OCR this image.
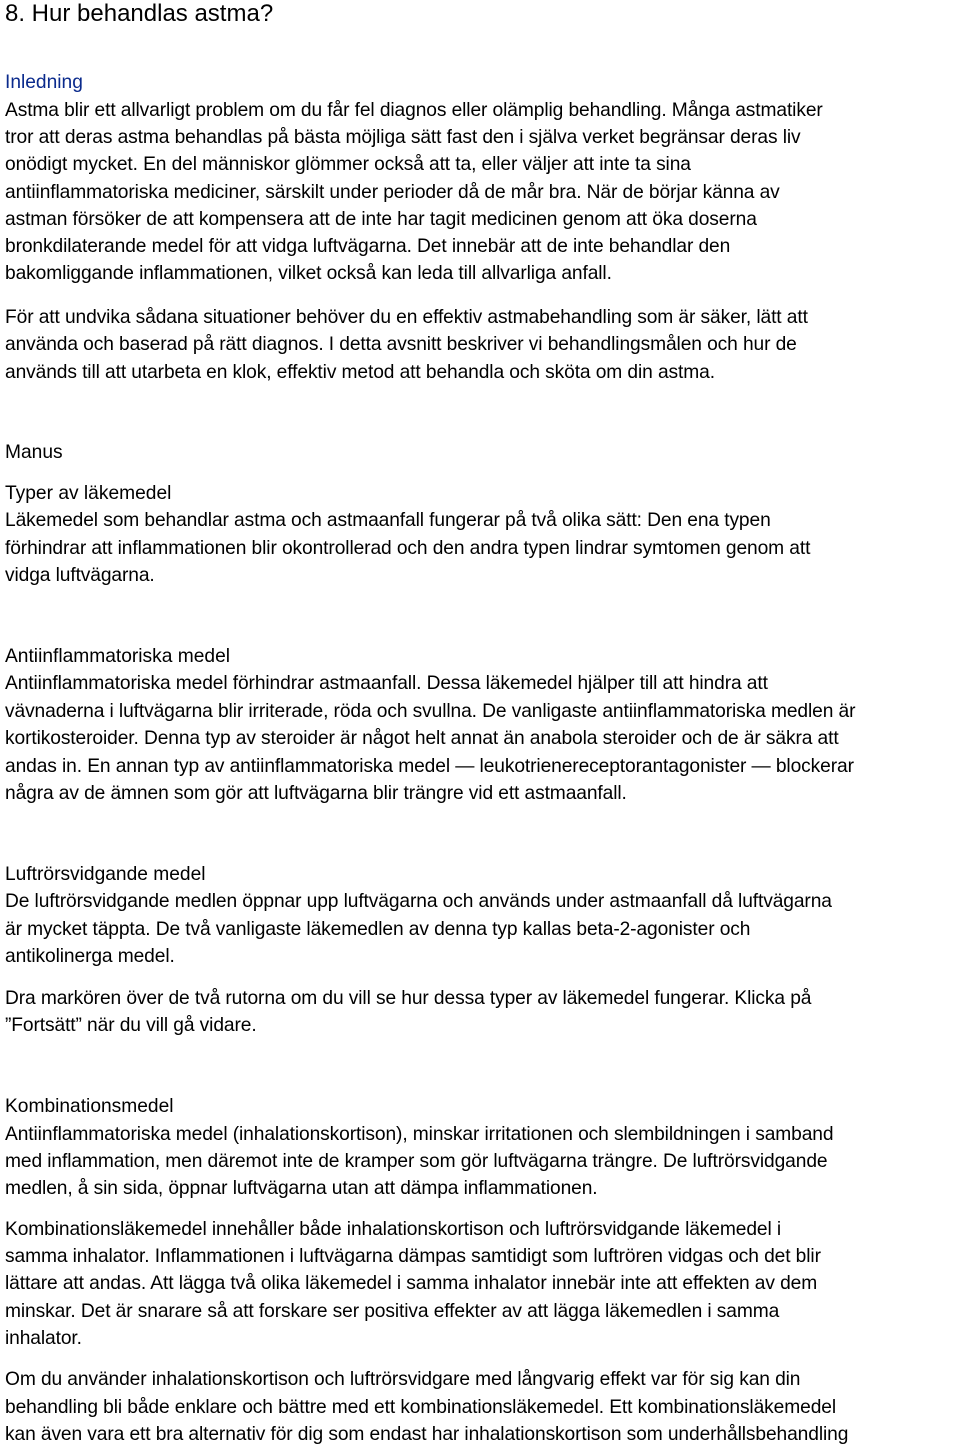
8. Hur behandlas astma?
Inledning
Astma blir ett allvarligt problem om du får fel diagnos eller olämplig behandling. Många astmatiker
tror att deras astma behandlas på bästa möjliga sätt fast den i själva verket begränsar deras liv
onödigt mycket. En del människor glömmer också att ta, eller väljer att inte ta sina
antiinflammatoriska mediciner, särskilt under perioder då de mår bra. När de börjar känna av
astman försöker de att kompensera att de inte har tagit medicinen genom att öka doserna
bronkdilaterande medel för att vidga luftvägarna. Det innebär att de inte behandlar den
bakomliggande inflammationen, vilket också kan leda till allvarliga anfall.
För att undvika sådana situationer behöver du en effektiv astmabehandling som är säker, lätt att
använda och baserad på rätt diagnos. I detta avsnitt beskriver vi behandlingsmålen och hur de
används till att utarbeta en klok, effektiv metod att behandla och sköta om din astma.
Manus
Typer av läkemedel
Läkemedel som behandlar astma och astmaanfall fungerar på två olika sätt: Den ena typen
förhindrar att inflammationen blir okontrollerad och den andra typen lindrar symtomen genom att
vidga luftvägarna.
Antiinflammatoriska medel
Antiinflammatoriska medel förhindrar astmaanfall. Dessa läkemedel hjälper till att hindra att
vävnaderna i luftvägarna blir irriterade, röda och svullna. De vanligaste antiinflammatoriska medlen är
kortikosteroider. Denna typ av steroider är något helt annat än anabola steroider och de är säkra att
andas in. En annan typ av antiinflammatoriska medel — leukotrienereceptorantagonister — blockerar
några av de ämnen som gör att luftvägarna blir trängre vid ett astmaanfall.
Luftrörsvidgande medel
De luftrörsvidgande medlen öppnar upp luftvägarna och används under astmaanfall då luftvägarna
är mycket täppta. De två vanligaste läkemedlen av denna typ kallas beta-2-agonister och
antikolinerga medel.
Dra markören över de två rutorna om du vill se hur dessa typer av läkemedel fungerar. Klicka på
”Fortsätt” när du vill gå vidare.
Kombinationsmedel
Antiinflammatoriska medel (inhalationskortison), minskar irritationen och slembildningen i samband
med inflammation, men däremot inte de kramper som gör luftvägarna trängre. De luftrörsvidgande
medlen, å sin sida, öppnar luftvägarna utan att dämpa inflammationen.
Kombinationsläkemedel innehåller både inhalationskortison och luftrörsvidgande läkemedel i
samma inhalator. Inflammationen i luftvägarna dämpas samtidigt som luftrören vidgas och det blir
lättare att andas. Att lägga två olika läkemedel i samma inhalator innebär inte att effekten av dem
minskar. Det är snarare så att forskare ser positiva effekter av att lägga läkemedlen i samma
inhalator.
Om du använder inhalationskortison och luftrörsvidgare med långvarig effekt var för sig kan din
behandling bli både enklare och bättre med ett kombinationsläkemedel. Ett kombinationsläkemedel
kan även vara ett bra alternativ för dig som endast har inhalationskortison som underhållsbehandling
